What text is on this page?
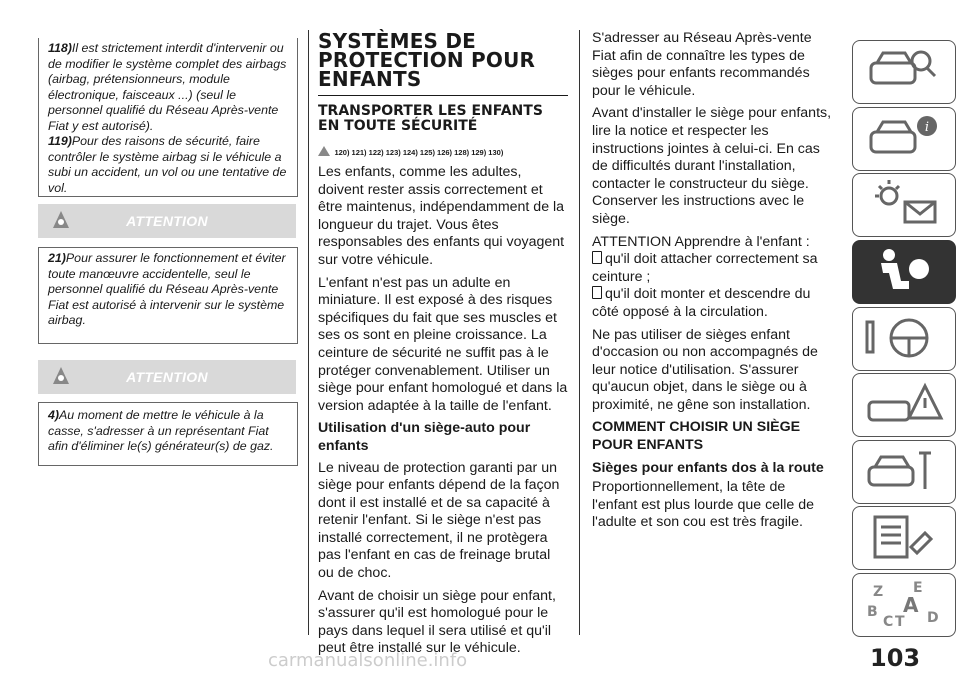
118)Il est strictement interdit d'intervenir ou de modifier le système complet des airbags (airbag, prétensionneurs, module électronique, faisceaux ...) (seul le personnel qualifié du Réseau Après-vente Fiat y est autorisé).

119)Pour des raisons de sécurité, faire contrôler le système airbag si le véhicule a subi un accident, un vol ou une tentative de vol.

ATTENTION

21)Pour assurer le fonctionnement et éviter toute manœuvre accidentelle, seul le personnel qualifié du Réseau Après-vente Fiat est autorisé à intervenir sur le système airbag.

ATTENTION

4)Au moment de mettre le véhicule à la casse, s'adresser à un représentant Fiat afin d'éliminer le(s) générateur(s) de gaz.

SYSTÈMES DE PROTECTION POUR ENFANTS
TRANSPORTER LES ENFANTS EN TOUTE SÉCURITÉ
120) 121) 122) 123) 124) 125) 126) 128) 129) 130)

Les enfants, comme les adultes, doivent rester assis correctement et être maintenus, indépendamment de la longueur du trajet. Vous êtes responsables des enfants qui voyagent sur votre véhicule.

L'enfant n'est pas un adulte en miniature. Il est exposé à des risques spécifiques du fait que ses muscles et ses os sont en pleine croissance. La ceinture de sécurité ne suffit pas à le protéger convenablement. Utiliser un siège pour enfant homologué et dans la version adaptée à la taille de l'enfant.

Utilisation d'un siège-auto pour enfants

Le niveau de protection garanti par un siège pour enfants dépend de la façon dont il est installé et de sa capacité à retenir l'enfant. Si le siège n'est pas installé correctement, il ne protègera pas l'enfant en cas de freinage brutal ou de choc.

Avant de choisir un siège pour enfant, s'assurer qu'il est homologué pour le pays dans lequel il sera utilisé et qu'il peut être installé sur le véhicule.

S'adresser au Réseau Après-vente Fiat afin de connaître les types de sièges pour enfants recommandés pour le véhicule.

Avant d'installer le siège pour enfants, lire la notice et respecter les instructions jointes à celui-ci. En cas de difficultés durant l'installation, contacter le constructeur du siège. Conserver les instructions avec le siège.

ATTENTION Apprendre à l'enfant :

qu'il doit attacher correctement sa ceinture ;

qu'il doit monter et descendre du côté opposé à la circulation.

Ne pas utiliser de sièges enfant d'occasion ou non accompagnés de leur notice d'utilisation. S'assurer qu'aucun objet, dans le siège ou à proximité, ne gêne son installation.

COMMENT CHOISIR UN SIÈGE POUR ENFANTS

Sièges pour enfants dos à la route

Proportionnellement, la tête de l'enfant est plus lourde que celle de l'adulte et son cou est très fragile.

i
Z E
B
C T D
A
103
carmanualsonline.info
